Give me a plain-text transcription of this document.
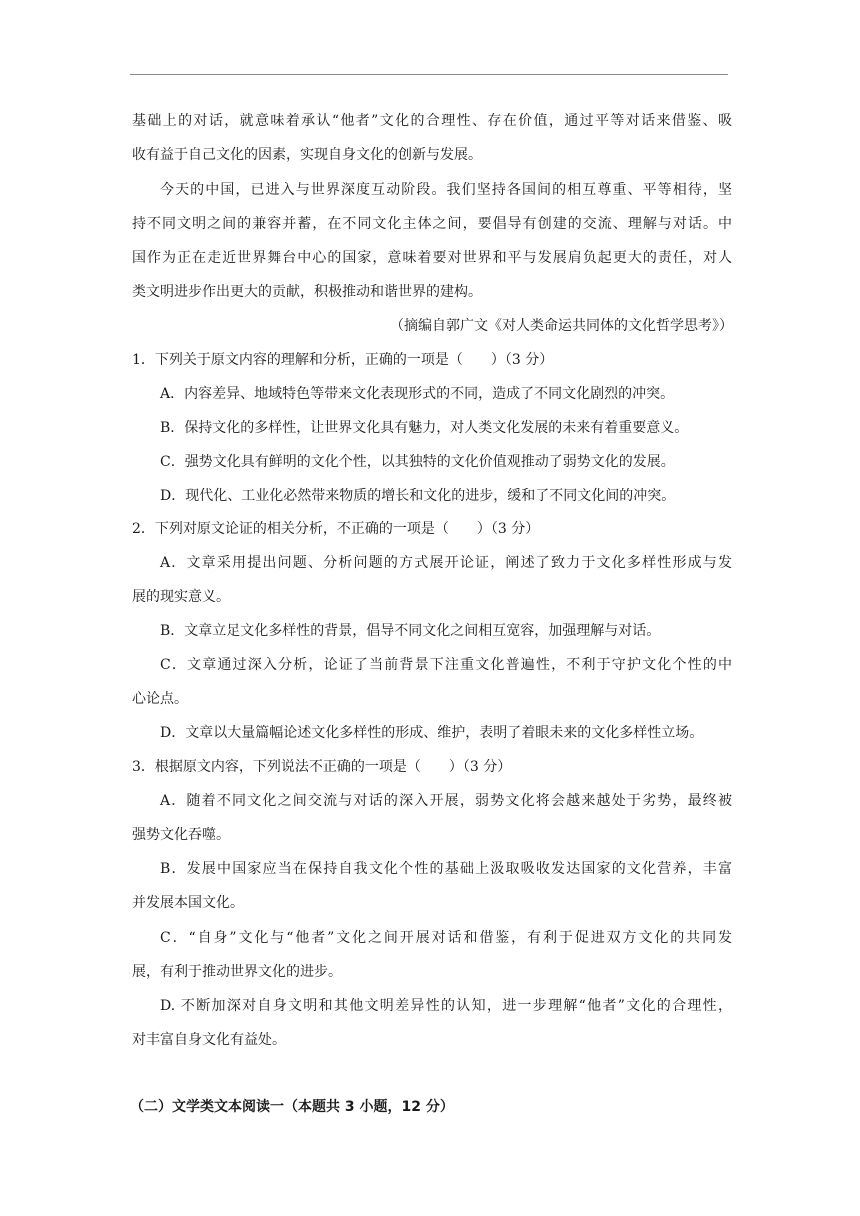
基础上的对话，就意味着承认“他者”文化的合理性、存在价值，通过平等对话来借鉴、吸
收有益于自己文化的因素，实现自身文化的创新与发展。
今天的中国，已进入与世界深度互动阶段。我们坚持各国间的相互尊重、平等相待，坚
持不同文明之间的兼容并蓄，在不同文化主体之间，要倡导有创建的交流、理解与对话。中
国作为正在走近世界舞台中心的国家，意味着要对世界和平与发展肩负起更大的责任，对人
类文明进步作出更大的贡献，积极推动和谐世界的建构。
（摘编自郭广文《对人类命运共同体的文化哲学思考》）
1．下列关于原文内容的理解和分析，正确的一项是（　　）（3 分）
A．内容差异、地域特色等带来文化表现形式的不同，造成了不同文化剧烈的冲突。
B．保持文化的多样性，让世界文化具有魅力，对人类文化发展的未来有着重要意义。
C．强势文化具有鲜明的文化个性，以其独特的文化价值观推动了弱势文化的发展。
D．现代化、工业化必然带来物质的增长和文化的进步，缓和了不同文化间的冲突。
2．下列对原文论证的相关分析，不正确的一项是（　　）（3 分）
A．文章采用提出问题、分析问题的方式展开论证，阐述了致力于文化多样性形成与发
展的现实意义。
B．文章立足文化多样性的背景，倡导不同文化之间相互宽容，加强理解与对话。
C．文章通过深入分析，论证了当前背景下注重文化普遍性，不利于守护文化个性的中
心论点。
D．文章以大量篇幅论述文化多样性的形成、维护，表明了着眼未来的文化多样性立场。
3．根据原文内容，下列说法不正确的一项是（　　）（3 分）
A．随着不同文化之间交流与对话的深入开展，弱势文化将会越来越处于劣势，最终被
强势文化吞噬。
B．发展中国家应当在保持自我文化个性的基础上汲取吸收发达国家的文化营养，丰富
并发展本国文化。
C．“自身”文化与“他者”文化之间开展对话和借鉴，有利于促进双方文化的共同发
展，有利于推动世界文化的进步。
D. 不断加深对自身文明和其他文明差异性的认知，进一步理解“他者”文化的合理性，
对丰富自身文化有益处。
（二）文学类文本阅读一（本题共 3 小题，12 分）
